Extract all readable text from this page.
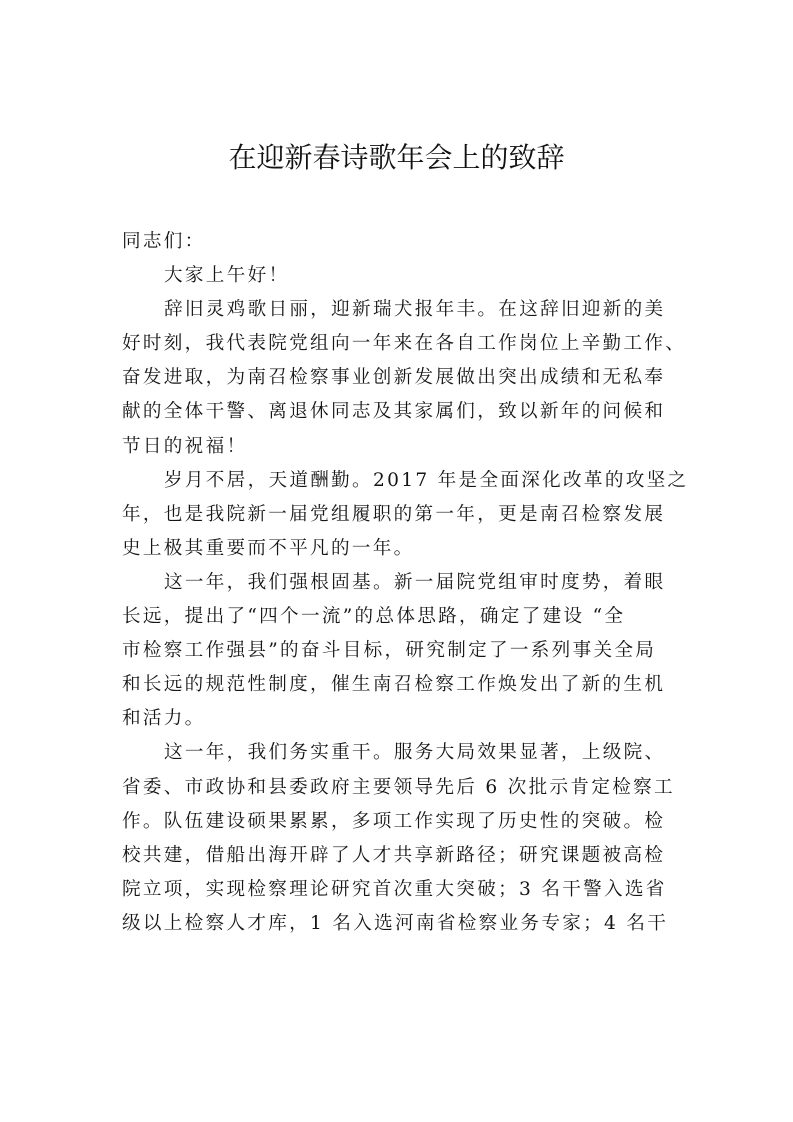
在迎新春诗歌年会上的致辞
同志们：
大家上午好！
辞旧灵鸡歌日丽，迎新瑞犬报年丰。在这辞旧迎新的美
好时刻，我代表院党组向一年来在各自工作岗位上辛勤工作、
奋发进取，为南召检察事业创新发展做出突出成绩和无私奉
献的全体干警、离退休同志及其家属们，致以新年的问候和
节日的祝福！
岁月不居，天道酬勤。2017 年是全面深化改革的攻坚之
年，也是我院新一届党组履职的第一年，更是南召检察发展
史上极其重要而不平凡的一年。
这一年，我们强根固基。新一届院党组审时度势，着眼
长远，提出了“四个一流”的总体思路，确定了建设 “全
市检察工作强县”的奋斗目标，研究制定了一系列事关全局
和长远的规范性制度，催生南召检察工作焕发出了新的生机
和活力。
这一年，我们务实重干。服务大局效果显著，上级院、
省委、市政协和县委政府主要领导先后 6 次批示肯定检察工
作。队伍建设硕果累累，多项工作实现了历史性的突破。检
校共建，借船出海开辟了人才共享新路径；研究课题被高检
院立项，实现检察理论研究首次重大突破；3 名干警入选省
级以上检察人才库，1 名入选河南省检察业务专家；4 名干
